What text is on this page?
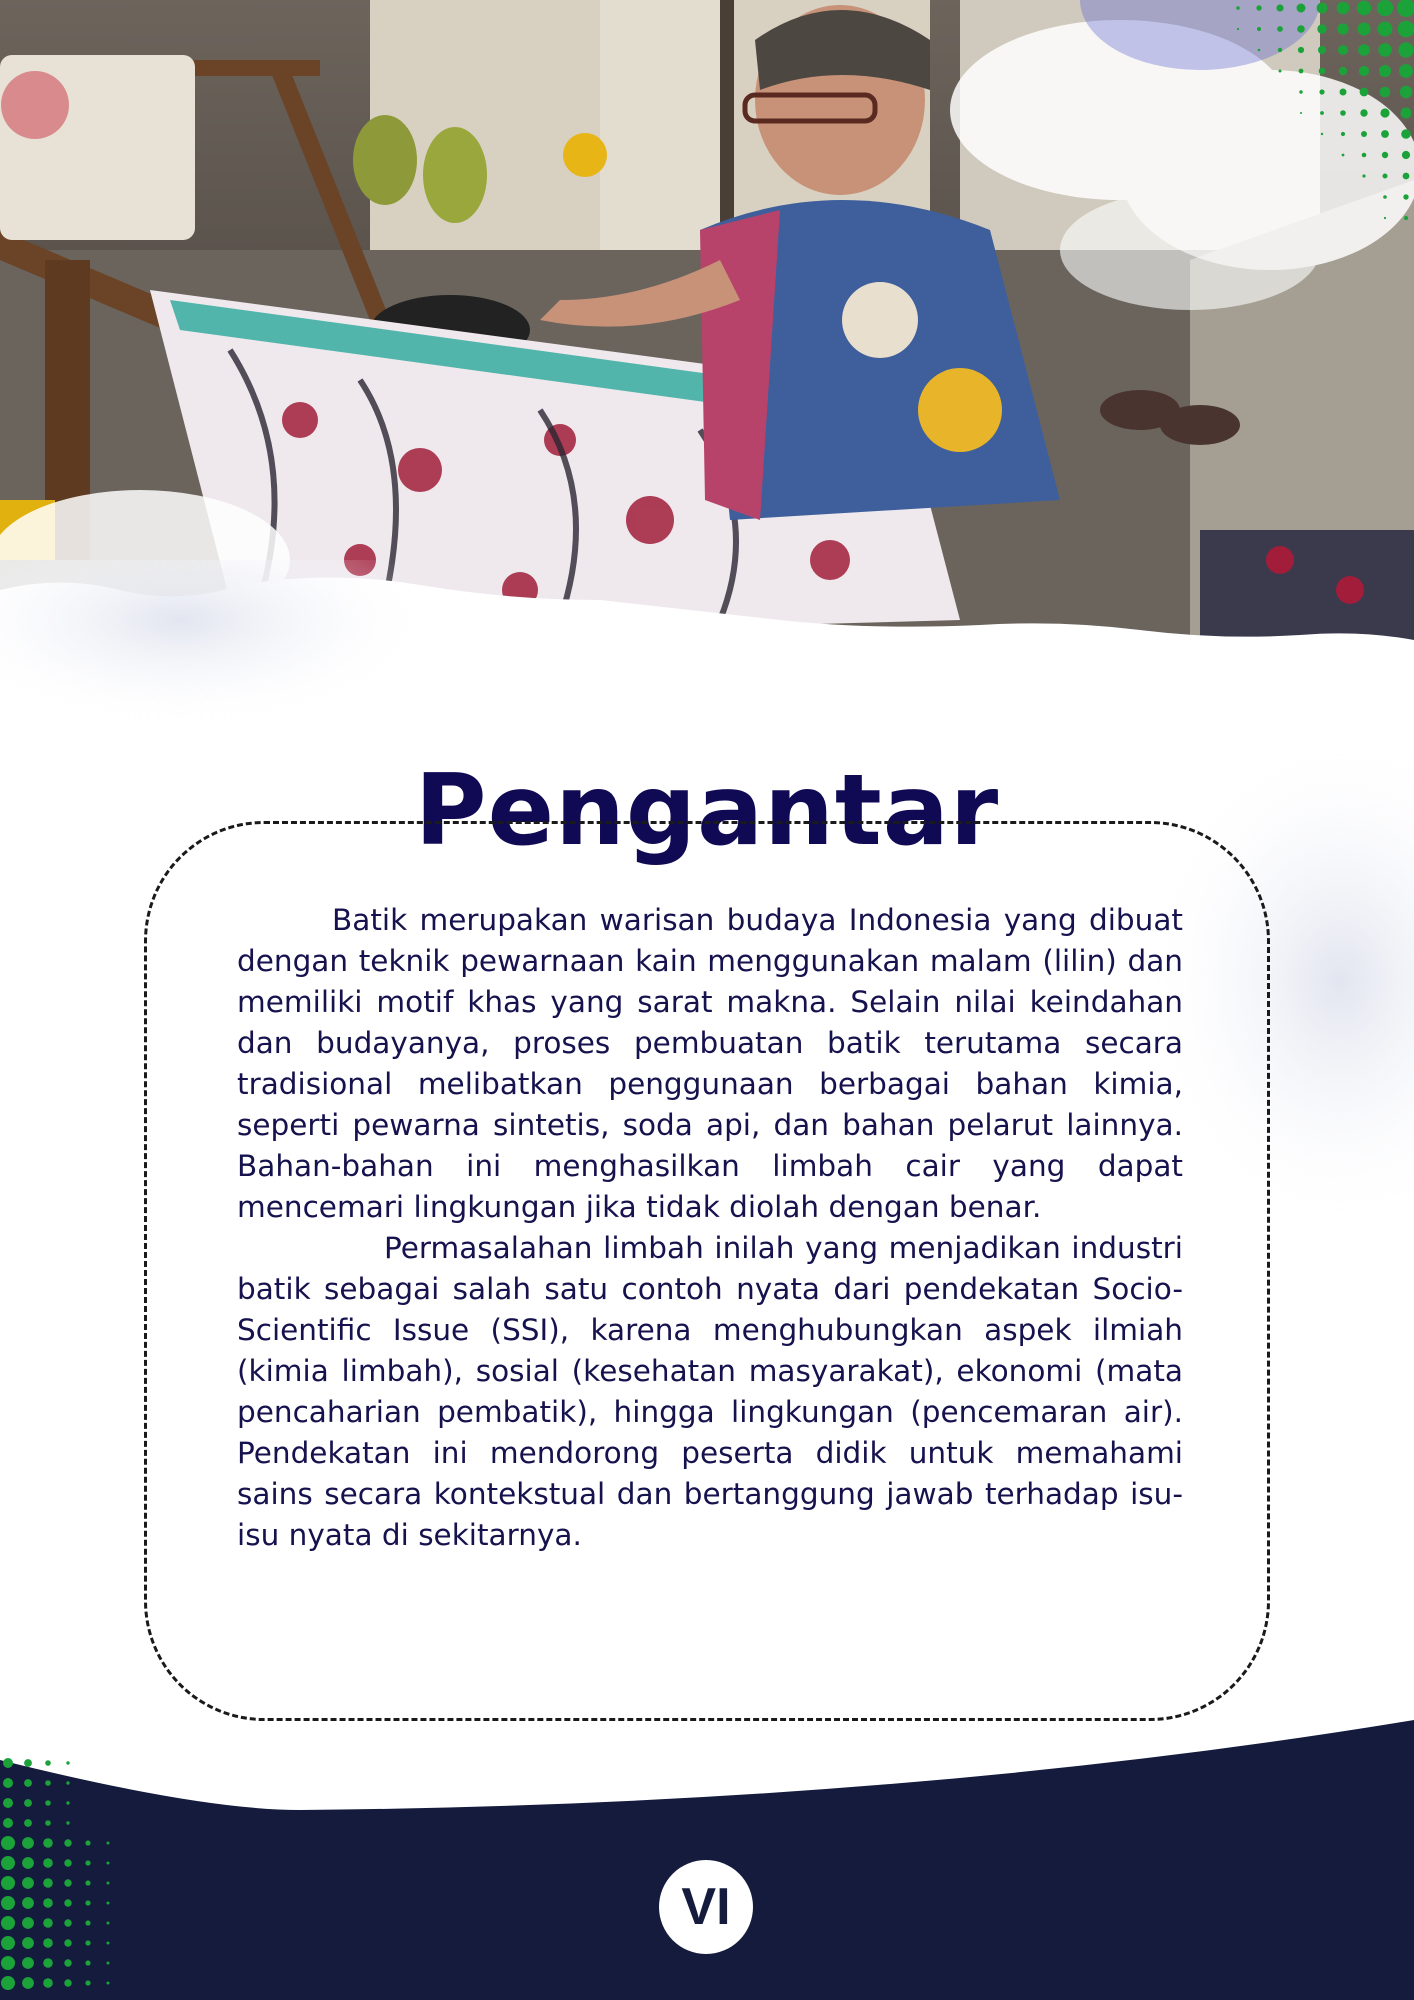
Pengantar

Batik merupakan warisan budaya Indonesia yang dibuat dengan teknik pewarnaan kain menggunakan malam (lilin) dan memiliki motif khas yang sarat makna. Selain nilai keindahan dan budayanya, proses pembuatan batik terutama secara tradisional melibatkan penggunaan berbagai bahan kimia, seperti pewarna sintetis, soda api, dan bahan pelarut lainnya. Bahan-bahan ini menghasilkan limbah cair yang dapat mencemari lingkungan jika tidak diolah dengan benar.

Permasalahan limbah inilah yang menjadikan industri batik sebagai salah satu contoh nyata dari pendekatan Socio-Scientific Issue (SSI), karena menghubungkan aspek ilmiah (kimia limbah), sosial (kesehatan masyarakat), ekonomi (mata pencaharian pembatik), hingga lingkungan (pencemaran air). Pendekatan ini mendorong peserta didik untuk memahami sains secara kontekstual dan bertanggung jawab terhadap isu-isu nyata di sekitarnya.

VI
